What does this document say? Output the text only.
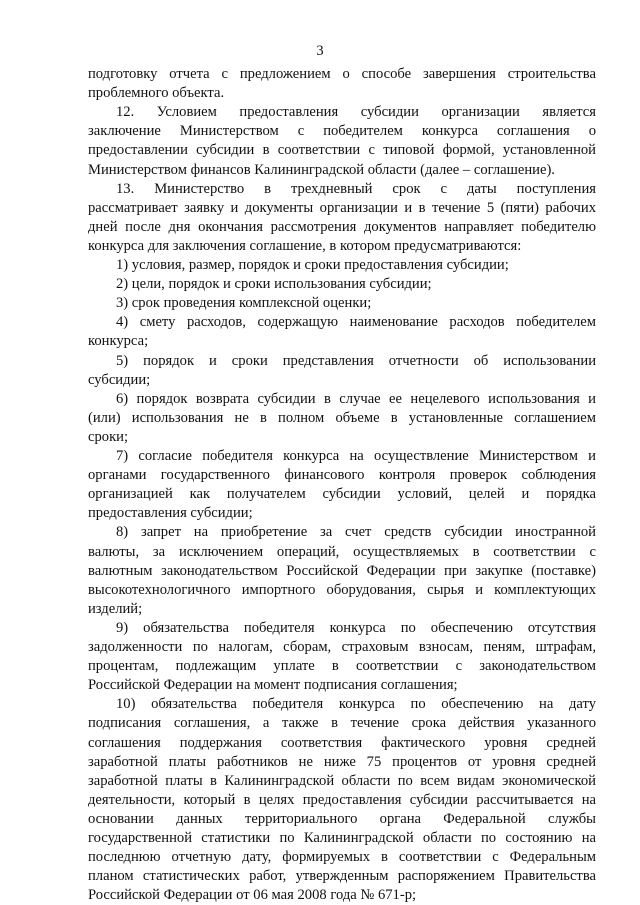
3
подготовку отчета с предложением о способе завершения строительства
проблемного объекта.
12. Условием предоставления субсидии организации является
заключение Министерством с победителем конкурса соглашения о
предоставлении субсидии в соответствии с типовой формой, установленной
Министерством финансов Калининградской области (далее – соглашение).
13. Министерство в трехдневный срок с даты поступления
рассматривает заявку и документы организации и в течение 5 (пяти) рабочих
дней после дня окончания рассмотрения документов направляет победителю
конкурса для заключения соглашение, в котором предусматриваются:
1) условия, размер, порядок и сроки предоставления субсидии;
2) цели, порядок и сроки использования субсидии;
3) срок проведения комплексной оценки;
4) смету расходов, содержащую наименование расходов победителем
конкурса;
5) порядок и сроки представления отчетности об использовании
субсидии;
6) порядок возврата субсидии в случае ее нецелевого использования и
(или) использования не в полном объеме в установленные соглашением
сроки;
7) согласие победителя конкурса на осуществление Министерством и
органами государственного финансового контроля проверок соблюдения
организацией как получателем субсидии условий, целей и порядка
предоставления субсидии;
8) запрет на приобретение за счет средств субсидии иностранной
валюты, за исключением операций, осуществляемых в соответствии с
валютным законодательством Российской Федерации при закупке (поставке)
высокотехнологичного импортного оборудования, сырья и комплектующих
изделий;
9) обязательства победителя конкурса по обеспечению отсутствия
задолженности по налогам, сборам, страховым взносам, пеням, штрафам,
процентам, подлежащим уплате в соответствии с законодательством
Российской Федерации на момент подписания соглашения;
10) обязательства победителя конкурса по обеспечению на дату
подписания соглашения, а также в течение срока действия указанного
соглашения поддержания соответствия фактического уровня средней
заработной платы работников не ниже 75 процентов от уровня средней
заработной платы в Калининградской области по всем видам экономической
деятельности, который в целях предоставления субсидии рассчитывается на
основании данных территориального органа Федеральной службы
государственной статистики по Калининградской области по состоянию на
последнюю отчетную дату, формируемых в соответствии с Федеральным
планом статистических работ, утвержденным распоряжением Правительства
Российской Федерации от 06 мая 2008 года № 671-р;
